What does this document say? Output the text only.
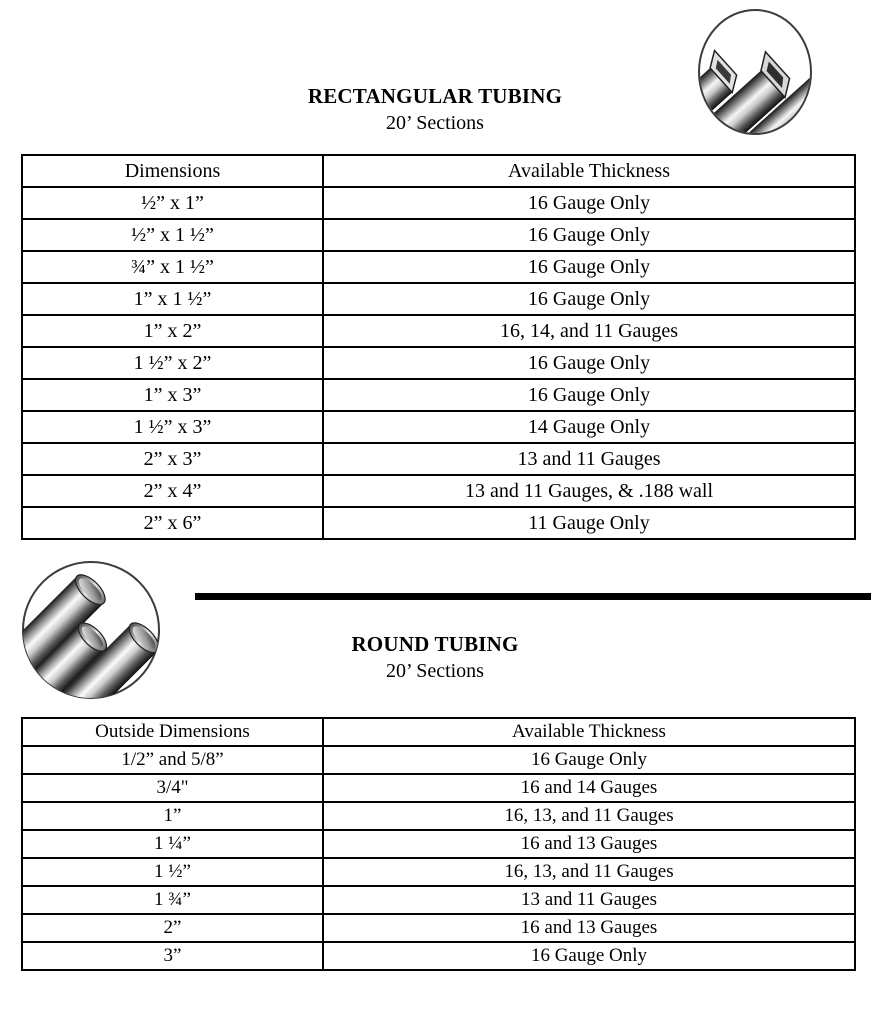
RECTANGULAR TUBING
20’ Sections
Dimensions	Available Thickness
½” x 1”	16 Gauge Only
½” x 1 ½”	16 Gauge Only
¾” x 1 ½”	16 Gauge Only
1” x 1 ½”	16 Gauge Only
1” x 2”	16, 14, and 11 Gauges
1 ½” x 2”	16 Gauge Only
1” x 3”	16 Gauge Only
1 ½” x 3”	14 Gauge Only
2” x 3”	13 and 11 Gauges
2” x 4”	13 and 11 Gauges, & .188 wall
2” x 6”	11 Gauge Only
ROUND TUBING
20’ Sections
Outside Dimensions	Available Thickness
1/2” and 5/8”	16 Gauge Only
3/4"	16 and 14 Gauges
1”	16, 13, and 11 Gauges
1 ¼”	16 and 13 Gauges
1 ½”	16, 13, and 11 Gauges
1 ¾”	13 and 11 Gauges
2”	16 and 13 Gauges
3”	16 Gauge Only
